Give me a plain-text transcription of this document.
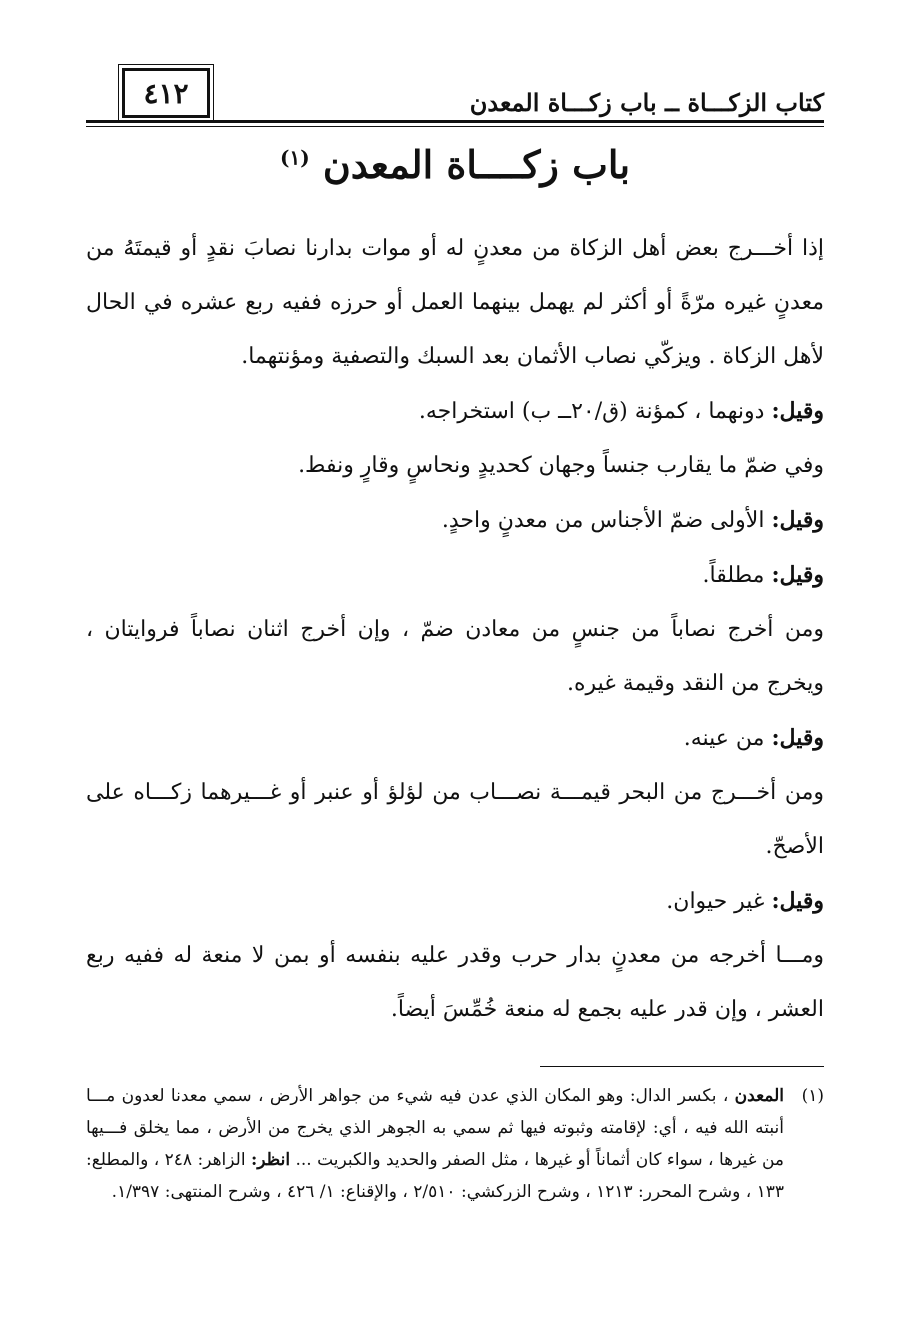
٤١٢	كتاب الزكـــاة ــ باب زكـــاة المعدن
باب زكــــاة المعدن $^{(١)}$

إذا أخـــرج بعض أهل الزكاة من معدنٍ له أو موات بدارنا نصابَ نقدٍ أو قيمتَهُ من معدنٍ غيره مرّةً أو أكثر لم يهمل بينهما العمل أو حرزه ففيه ربع عشره في الحال لأهل الزكاة . ويزكّي نصاب الأثمان بعد السبك والتصفية ومؤنتهما.

وقيل: دونهما ، كمؤنة (ق/٢٠ــ ب) استخراجه.

وفي ضمّ ما يقارب جنساً وجهان كحديدٍ ونحاسٍ وقارٍ ونفط.

وقيل: الأولى ضمّ الأجناس من معدنٍ واحدٍ.

وقيل: مطلقاً.

ومن أخرج نصاباً من جنسٍ من معادن ضمّ ، وإن أخرج اثنان نصاباً فروايتان ، ويخرج من النقد وقيمة غيره.

وقيل: من عينه.

ومن أخـــرج من البحر قيمـــة نصـــاب من لؤلؤ أو عنبر أو غـــيرهما زكـــاه على الأصحّ.

وقيل: غير حيوان.

ومـــا أخرجه من معدنٍ بدار حرب وقدر عليه بنفسه أو بمن لا منعة له ففيه ربع العشر ، وإن قدر عليه بجمع له منعة خُمِّسَ أيضاً.

(١)
المعدن ، بكسر الدال: وهو المكان الذي عدن فيه شيء من جواهر الأرض ، سمي معدنا لعدون مـــا أنبته الله فيه ، أي: لإقامته وثبوته فيها ثم سمي به الجوهر الذي يخرج من الأرض ، مما يخلق فـــيها من غيرها ، سواء كان أثماناً أو غيرها ، مثل الصفر والحديد والكبريت ... انظر: الزاهر: ٢٤٨ ، والمطلع: ١٣٣ ، وشرح المحرر: ١٢١٣ ، وشرح الزركشي: ٢/٥١٠ ، والإقناع: ١/ ٤٢٦ ، وشرح المنتهى: ١/٣٩٧.
